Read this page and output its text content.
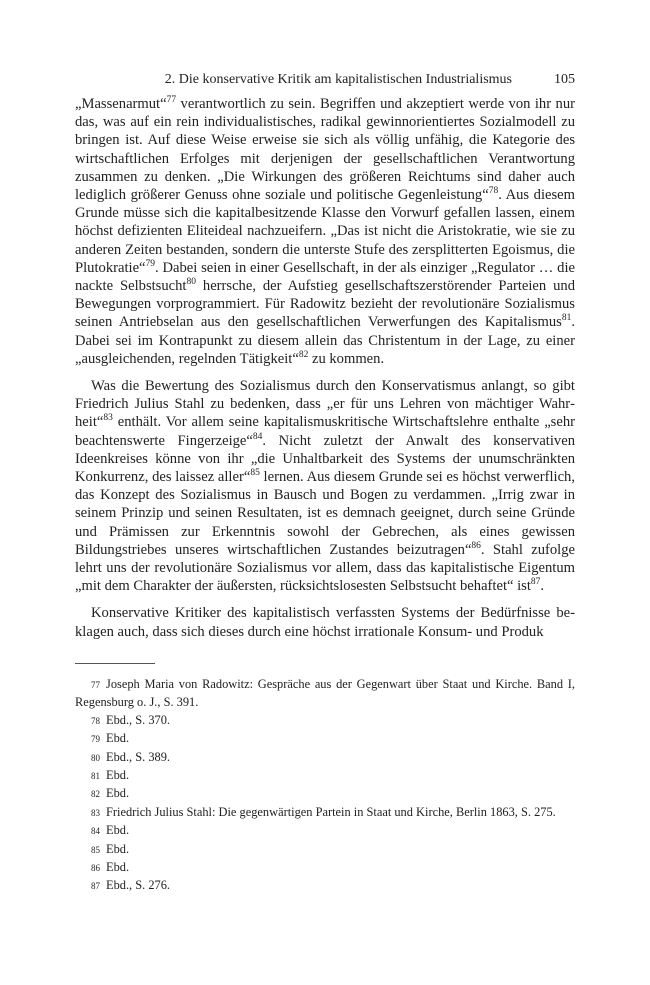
2. Die konservative Kritik am kapitalistischen Industrialismus	105

„Massenarmut“$^{77}$ verantwortlich zu sein. Begriffen und akzeptiert werde von ihr nur das, was auf ein rein individualistisches, radikal gewinnorientiertes Sozialmodell zu bringen ist. Auf diese Weise erweise sie sich als völlig unfähig, die Kategorie des wirtschaftlichen Erfolges mit derjenigen der gesellschaftlichen Verantwortung zusammen zu denken. „Die Wirkungen des größeren Reichtums sind daher auch lediglich größerer Genuss ohne soziale und politische Gegenleistung“$^{78}$. Aus diesem Grunde müsse sich die kapitalbesitzende Klasse den Vorwurf gefallen lassen, einem höchst defizienten Eliteideal nachzueifern. „Das ist nicht die Aristokratie, wie sie zu anderen Zeiten bestanden, sondern die unterste Stufe des zersplitterten Egoismus, die Plutokratie“$^{79}$. Dabei seien in einer Gesellschaft, in der als einziger „Regulator … die nackte Selbstsucht$^{80}$ herrsche, der Aufstieg gesellschaftszerstörender Parteien und Bewegungen vorprogrammiert. Für Radowitz bezieht der revolutionäre Sozialismus seinen Antriebselan aus den gesellschaftlichen Verwerfungen des Kapitalismus$^{81}$. Dabei sei im Kontrapunkt zu diesem allein das Christentum in der Lage, zu einer „ausgleichenden, regelnden Tätigkeit“$^{82}$ zu kommen.

Was die Bewertung des Sozialismus durch den Konservatismus anlangt, so gibt Friedrich Julius Stahl zu bedenken, dass „er für uns Lehren von mächtiger Wahrheit“$^{83}$ enthält. Vor allem seine kapitalismuskritische Wirtschaftslehre enthalte „sehr beachtenswerte Fingerzeige“$^{84}$. Nicht zuletzt der Anwalt des konservativen Ideenkreises könne von ihr „die Unhaltbarkeit des Systems der unumschränkten Konkurrenz, des laissez aller“$^{85}$ lernen. Aus diesem Grunde sei es höchst verwerflich, das Konzept des Sozialismus in Bausch und Bogen zu verdammen. „Irrig zwar in seinem Prinzip und seinen Resultaten, ist es demnach geeignet, durch seine Gründe und Prämissen zur Erkenntnis sowohl der Gebrechen, als eines gewissen Bildungstriebes unseres wirtschaftlichen Zustandes beizutragen“$^{86}$. Stahl zufolge lehrt uns der revolutionäre Sozialismus vor allem, dass das kapitalistische Eigentum „mit dem Charakter der äußersten, rücksichtslosesten Selbstsucht behaftet“ ist$^{87}$.

Konservative Kritiker des kapitalistisch verfassten Systems der Bedürfnisse beklagen auch, dass sich dieses durch eine höchst irrationale Konsum- und Produk

77 Joseph Maria von Radowitz: Gespräche aus der Gegenwart über Staat und Kirche. Band I, Regensburg o. J., S. 391.
78 Ebd., S. 370.
79 Ebd.
80 Ebd., S. 389.
81 Ebd.
82 Ebd.
83 Friedrich Julius Stahl: Die gegenwärtigen Partein in Staat und Kirche, Berlin 1863, S. 275.
84 Ebd.
85 Ebd.
86 Ebd.
87 Ebd., S. 276.
